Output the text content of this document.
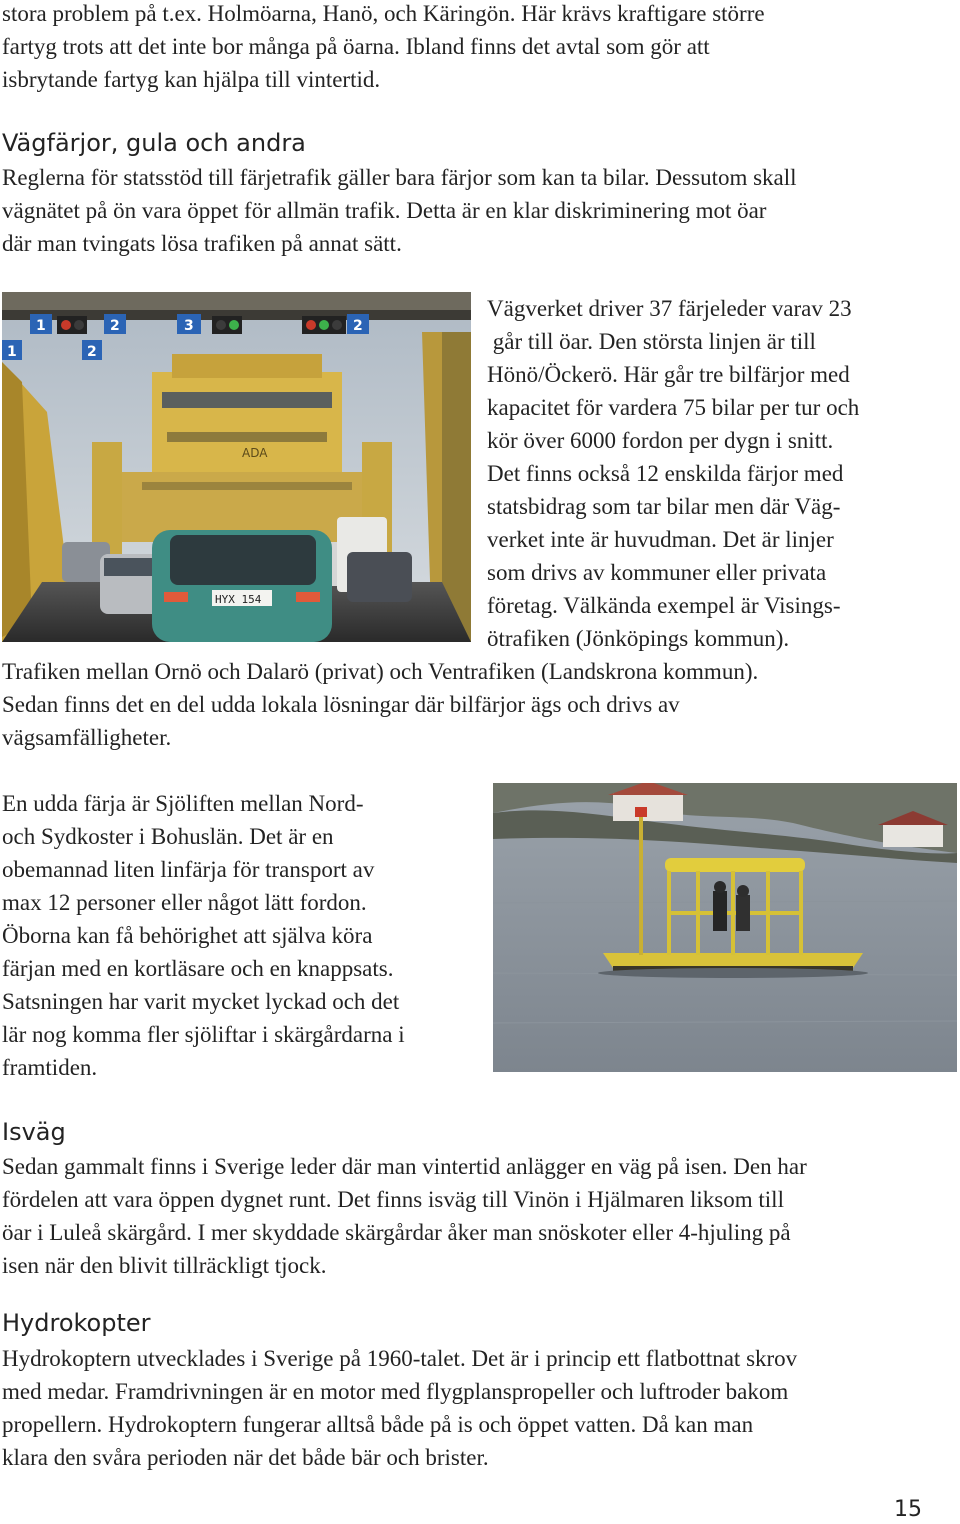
stora problem på t.ex. Holmöarna, Hanö, och Käringön. Här krävs kraftigare större
fartyg trots att det inte bor många på öarna. Ibland finns det avtal som gör att
isbrytande fartyg kan hjälpa till vintertid.

Vägfärjor, gula och andra

Reglerna för statsstöd till färjetrafik gäller bara färjor som kan ta bilar. Dessutom skall
vägnätet på ön vara öppet för allmän trafik. Detta är en klar diskriminering mot öar
där man tvingats lösa trafiken på annat sätt.

1	2	3	2
1	2
ADA
HYX 154

Vägverket driver 37 färjeleder varav 23
går till öar. Den största linjen är till
Hönö/Öckerö. Här går tre bilfärjor med
kapacitet för vardera 75 bilar per tur och
kör över 6000 fordon per dygn i snitt.
Det finns också 12 enskilda färjor med
statsbidrag som tar bilar men där Väg-
verket inte är huvudman. Det är linjer
som drivs av kommuner eller privata
företag. Välkända exempel är Visings-
ötrafiken (Jönköpings kommun).

Trafiken mellan Ornö och Dalarö (privat) och Ventrafiken (Landskrona kommun).
Sedan finns det en del udda lokala lösningar där bilfärjor ägs och drivs av
vägsamfälligheter.

En udda färja är Sjöliften mellan Nord-
och Sydkoster i Bohuslän. Det är en
obemannad liten linfärja för transport av
max 12 personer eller något lätt fordon.
Öborna kan få behörighet att själva köra
färjan med en kortläsare och en knappsats.
Satsningen har varit mycket lyckad och det
lär nog komma fler sjöliftar i skärgårdarna i
framtiden.

Isväg

Sedan gammalt finns i Sverige leder där man vintertid anlägger en väg på isen. Den har
fördelen att vara öppen dygnet runt. Det finns isväg till Vinön i Hjälmaren liksom till
öar i Luleå skärgård. I mer skyddade skärgårdar åker man snöskoter eller 4-hjuling på
isen när den blivit tillräckligt tjock.

Hydrokopter

Hydrokoptern utvecklades i Sverige på 1960-talet. Det är i princip ett flatbottnat skrov
med medar. Framdrivningen är en motor med flygplanspropeller och luftroder bakom
propellern. Hydrokoptern fungerar alltså både på is och öppet vatten. Då kan man
klara den svåra perioden när det både bär och brister.

15
